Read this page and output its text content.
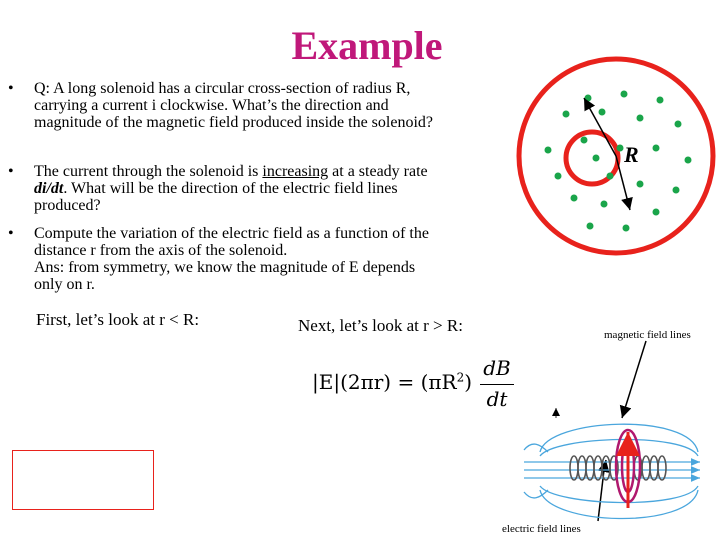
Example
• Q: A long solenoid has a circular cross-section of radius R,
carrying a current i clockwise. What’s the direction and
magnitude of the magnetic field produced inside the solenoid?
• The current through the solenoid is increasing at a steady rate
di/dt. What will be the direction of the electric field lines
produced?
• Compute the variation of the electric field as a function of the
distance r from the axis of the solenoid.
Ans: from symmetry, we know the magnitude of E depends
only on r.
First, let’s look at r < R:	Next, let’s look at r > R:
$|E|(2\pi r) = (\pi R^2)$
dB
dt
magnetic field lines
electric field lines
R
